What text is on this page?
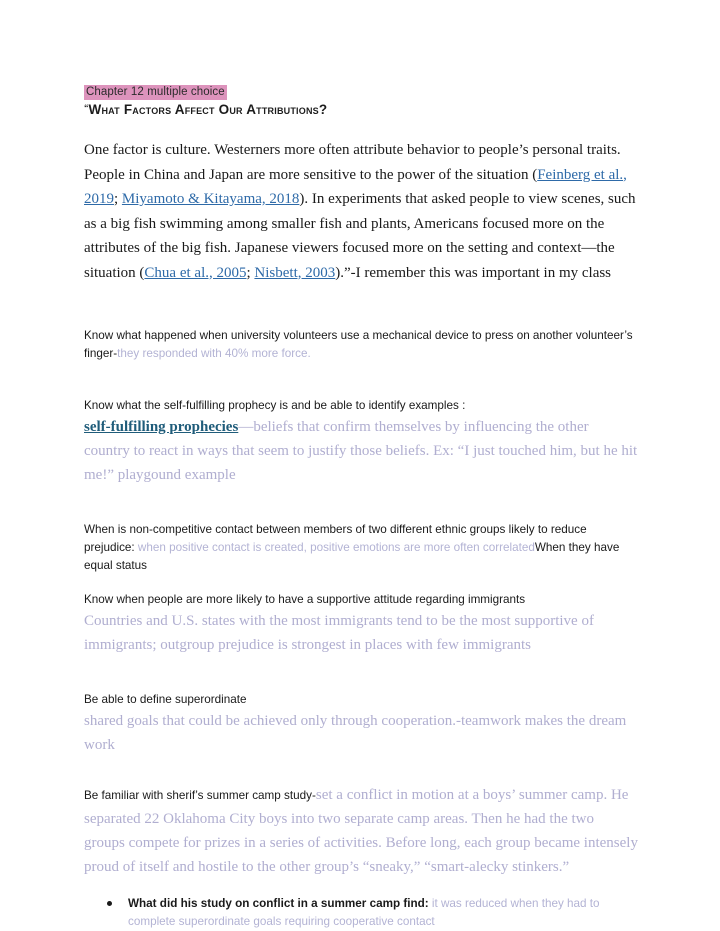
Chapter 12 multiple choice

“What Factors Affect Our Attributions?

One factor is culture. Westerners more often attribute behavior to people’s personal traits. People in China and Japan are more sensitive to the power of the situation (Feinberg et al., 2019; Miyamoto & Kitayama, 2018). In experiments that asked people to view scenes, such as a big fish swimming among smaller fish and plants, Americans focused more on the attributes of the big fish. Japanese viewers focused more on the setting and context—the situation (Chua et al., 2005; Nisbett, 2003).”-I remember this was important in my class

Know what happened when university volunteers use a mechanical device to press on another volunteer’s finger-they responded with 40% more force.

Know what the self-fulfilling prophecy is and be able to identify examples :

self-fulfilling prophecies—beliefs that confirm themselves by influencing the other country to react in ways that seem to justify those beliefs. Ex: “I just touched him, but he hit me!” playgound example

When is non-competitive contact between members of two different ethnic groups likely to reduce prejudice: when positive contact is created, positive emotions are more often correlatedWhen they have equal status

Know when people are more likely to have a supportive attitude regarding immigrants

Countries and U.S. states with the most immigrants tend to be the most supportive of immigrants; outgroup prejudice is strongest in places with few immigrants

Be able to define superordinate

shared goals that could be achieved only through cooperation.-teamwork makes the dream work

Be familiar with sherif’s summer camp study-set a conflict in motion at a boys’ summer camp. He separated 22 Oklahoma City boys into two separate camp areas. Then he had the two groups compete for prizes in a series of activities. Before long, each group became intensely proud of itself and hostile to the other group’s “sneaky,” “smart-alecky stinkers.”

What did his study on conflict in a summer camp find: it was reduced when they had to complete superordinate goals requiring cooperative contact
